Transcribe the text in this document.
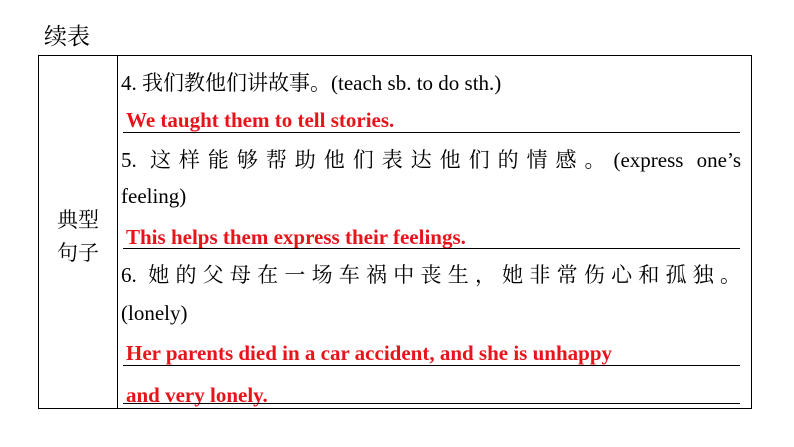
续表
典型
句子
4. 我们教他们讲故事。(teach sb. to do sth.)
We taught them to tell stories.
5. 这样能够帮助他们表达他们的情感。(express one’s
feeling)
This helps them express their feelings.
6. 她的父母在一场车祸中丧生，她非常伤心和孤独。
(lonely)
Her parents died in a car accident, and she is unhappy
and very lonely.
